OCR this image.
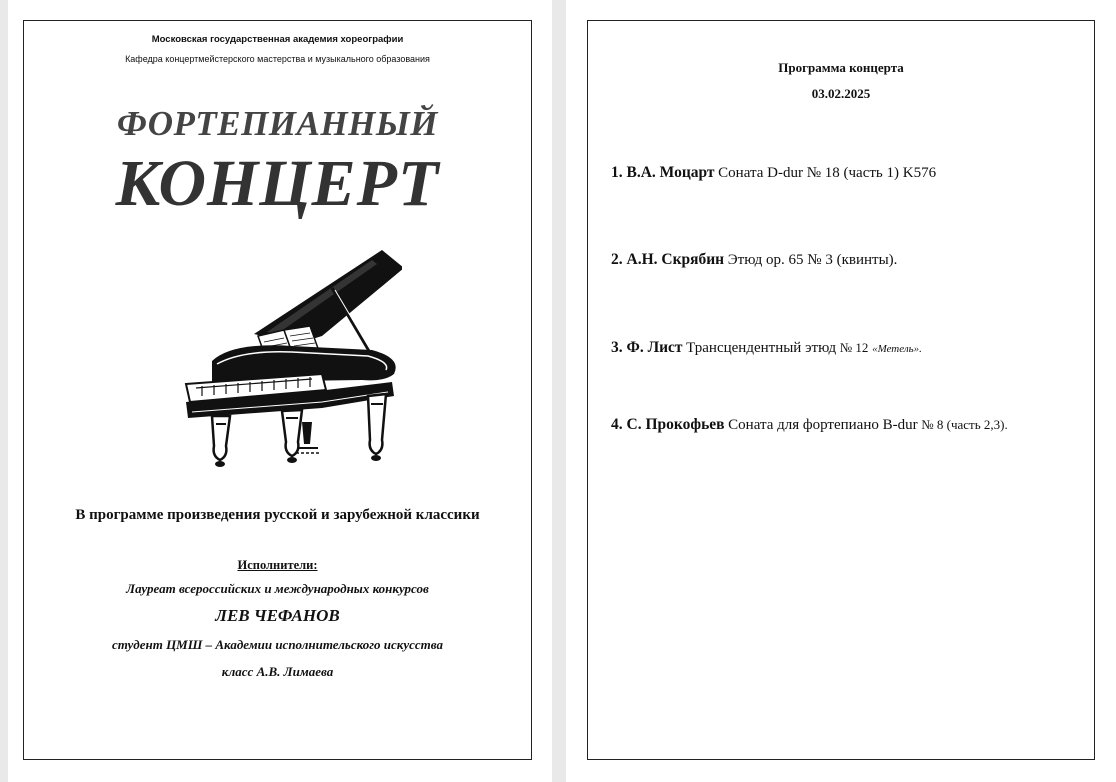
Московская государственная академия хореографии
Кафедра концертмейстерского мастерства и музыкального образования
ФОРТЕПИАННЫЙ
КОНЦЕРТ
В программе произведения русской и зарубежной классики
Исполнители:
Лауреат всероссийских и международных конкурсов
ЛЕВ ЧЕФАНОВ
студент ЦМШ – Академии исполнительского искусства
класс А.В. Лимаева
Программа концерта
03.02.2025
1. В.А. Моцарт Соната D-dur № 18 (часть 1) K576
2. А.Н. Скрябин Этюд ор. 65 № 3 (квинты).
3. Ф. Лист Трансцендентный этюд № 12 «Метель».
4. С. Прокофьев Соната для фортепиано B-dur № 8 (часть 2,3).
